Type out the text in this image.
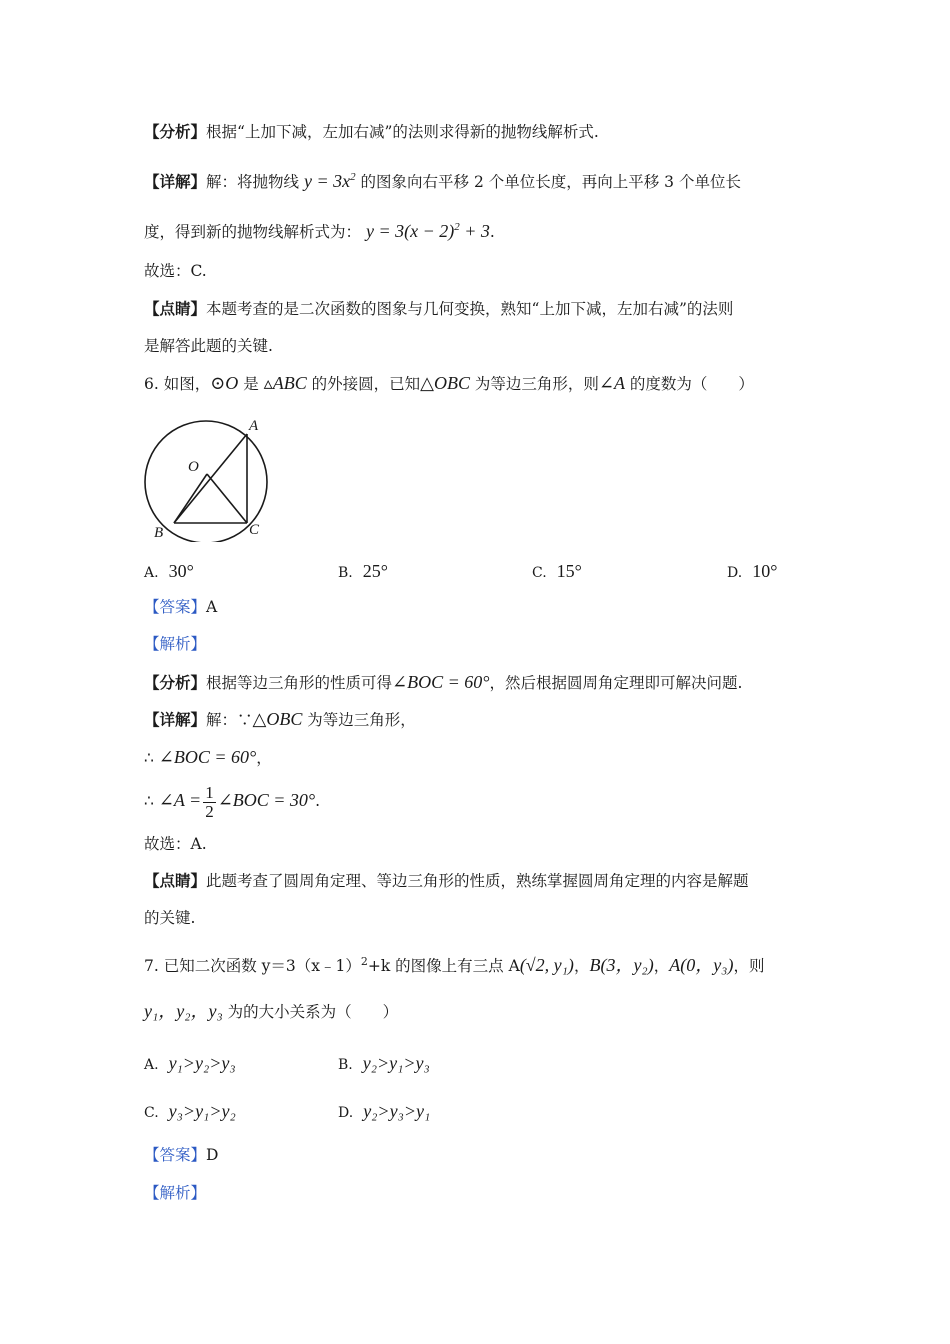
【分析】根据“上加下减，左加右减”的法则求得新的抛物线解析式.
【详解】解：将抛物线 $y = 3x^2$ 的图象向右平移 2 个单位长度，再向上平移 3 个单位长
度，得到新的抛物线解析式为： $y = 3(x - 2)^2 + 3$.
故选：C.
【点睛】本题考查的是二次函数的图象与几何变换，熟知“上加下减，左加右减”的法则
是解答此题的关键.
6. 如图，⊙O 是 ▵ABC 的外接圆，已知△OBC 为等边三角形，则∠A 的度数为（　　）
A
O
B	C
A. 30°	B. 25°	C. 15°	D. 10°
【答案】A
【解析】
【分析】根据等边三角形的性质可得∠BOC = 60°，然后根据圆周角定理即可解决问题.
【详解】解：∵△OBC 为等边三角形，
∴ ∠BOC = 60°，
∴ ∠A = $\frac{1}{2}$ ∠BOC = 30°.
故选：A.
【点睛】此题考查了圆周角定理、等边三角形的性质，熟练掌握圆周角定理的内容是解题
的关键.
7. 已知二次函数 y＝3（x﹣1）$^2$+k 的图像上有三点 A(√2, y₁)，B(3，y₂)，A(0，y₃)，则
y₁，y₂，y₃ 为的大小关系为（　　）
A. y₁>y₂>y₃	B. y₂>y₁>y₃
C. y₃>y₁>y₂	D. y₂>y₃>y₁
【答案】D
【解析】
